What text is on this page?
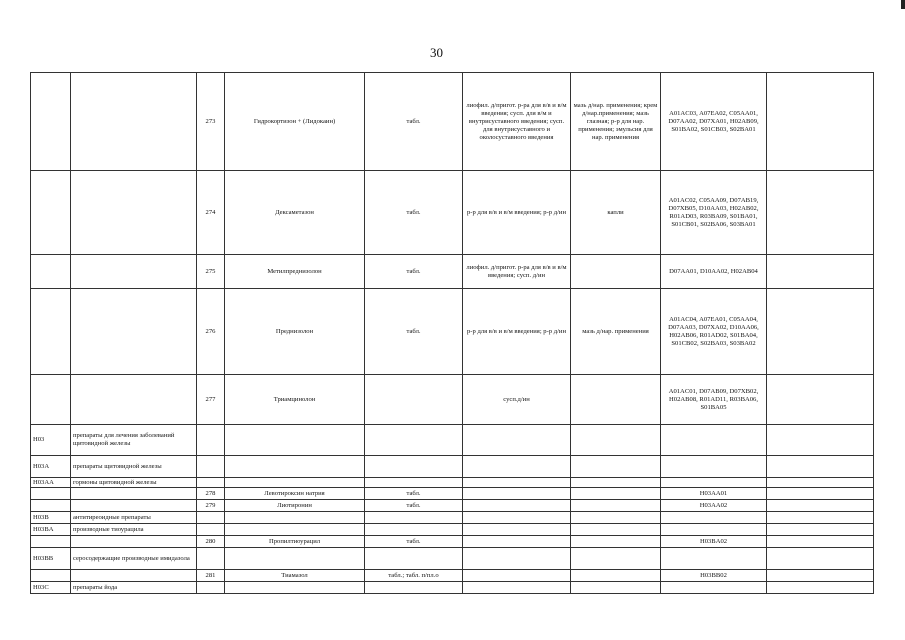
30
		273	Гидрокортизон + (Лидокаин)	табл.	лиофил. д/пригот. р-ра для в/в и в/м введения; сусп. для в/м и внутрисуставного введения; сусп. для внутрисуставного и околосуставного введения	мазь д/нар. применения; крем д/нар.применения; мазь глазная; р-р для нар. применения; эмульсия для нар. применения	A01AC03, A07EA02, C05AA01, D07AA02, D07XA01, H02AB09, S01BA02, S01CB03, S02BA01	
		274	Дексаметазон	табл.	р-р для в/в и в/м введения; р-р д/ин	капли	A01AC02, C05AA09, D07AB19, D07XB05, D10AA03, H02AB02, R01AD03, R03BA09, S01BA01, S01CB01, S02BA06, S03BA01	
		275	Метилпреднизолон	табл.	лиофил. д/пригот. р-ра для в/в и в/м введения; сусп. д/ин		D07AA01, D10AA02, H02AB04	
		276	Преднизолон	табл.	р-р для в/в и в/м введения; р-р д/ин	мазь д/нар. применения	A01AC04, A07EA01, C05AA04, D07AA03, D07XA02, D10AA06, H02AB06, R01AD02, S01BA04, S01CB02, S02BA03, S03BA02	
		277	Триамцинолон		сусп.д/ин		A01AC01, D07AB09, D07XB02, H02AB08, R01AD11, R03BA06, S01BA05	
H03	препараты для лечения заболеваний щитовидной железы							
H03A	препараты щитовидной железы							
H03AA	гормоны щитовидной железы							
		278	Левотироксин натрия	табл.			H03AA01	
		279	Лиотиронин	табл.			H03AA02	
H03B	антитиреоидные препараты							
H03BA	производные тиоурацила							
		280	Пропилтиоурацил	табл.			H03BA02	
H03BB	серосодержащие производные имидазола							
		281	Тиамазол	табл.; табл. п/пл.о			H03BB02	
H03C	препараты йода							
